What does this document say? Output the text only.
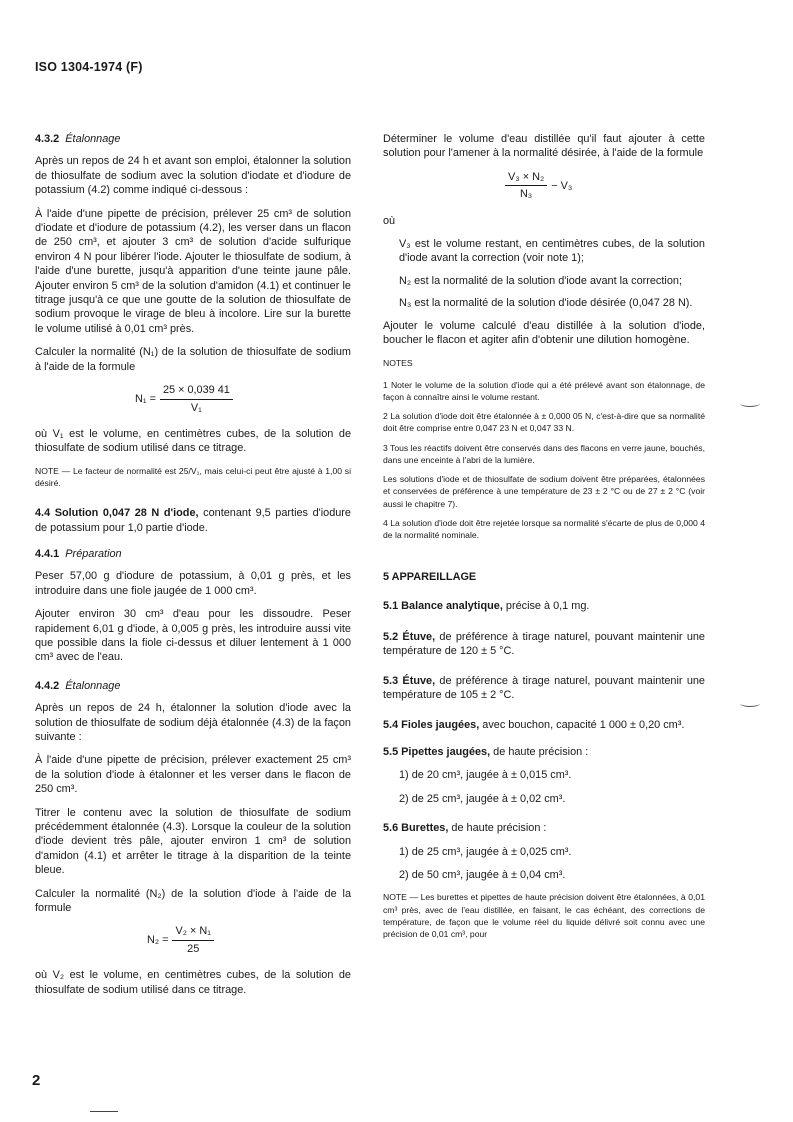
ISO 1304-1974 (F)
4.3.2 Étalonnage

Après un repos de 24 h et avant son emploi, étalonner la solution de thiosulfate de sodium avec la solution d'iodate et d'iodure de potassium (4.2) comme indiqué ci-dessous :

À l'aide d'une pipette de précision, prélever 25 cm³ de solution d'iodate et d'iodure de potassium (4.2), les verser dans un flacon de 250 cm³, et ajouter 3 cm³ de solution d'acide sulfurique environ 4 N pour libérer l'iode. Ajouter le thiosulfate de sodium, à l'aide d'une burette, jusqu'à apparition d'une teinte jaune pâle. Ajouter environ 5 cm³ de la solution d'amidon (4.1) et continuer le titrage jusqu'à ce que une goutte de la solution de thiosulfate de sodium provoque le virage de bleu à incolore. Lire sur la burette le volume utilisé à 0,01 cm³ près.

Calculer la normalité (N₁) de la solution de thiosulfate de sodium à l'aide de la formule

$N_1 = \frac{25 \times 0,039 41}{\text{V₁}}$

où V₁ est le volume, en centimètres cubes, de la solution de thiosulfate de sodium utilisé dans ce titrage.

NOTE — Le facteur de normalité est 25/V₁, mais celui-ci peut être ajusté à 1,00 si désiré.

4.4 Solution 0,047 28 N d'iode, contenant 9,5 parties d'iodure de potassium pour 1,0 partie d'iode.

4.4.1 Préparation

Peser 57,00 g d'iodure de potassium, à 0,01 g près, et les introduire dans une fiole jaugée de 1 000 cm³.

Ajouter environ 30 cm³ d'eau pour les dissoudre. Peser rapidement 6,01 g d'iode, à 0,005 g près, les introduire aussi vite que possible dans la fiole ci-dessus et diluer lentement à 1 000 cm³ avec de l'eau.

4.4.2 Étalonnage

Après un repos de 24 h, étalonner la solution d'iode avec la solution de thiosulfate de sodium déjà étalonnée (4.3) de la façon suivante :

À l'aide d'une pipette de précision, prélever exactement 25 cm³ de la solution d'iode à étalonner et les verser dans le flacon de 250 cm³.

Titrer le contenu avec la solution de thiosulfate de sodium précédemment étalonnée (4.3). Lorsque la couleur de la solution d'iode devient très pâle, ajouter environ 1 cm³ de solution d'amidon (4.1) et arrêter le titrage à la disparition de la teinte bleue.

Calculer la normalité (N₂) de la solution d'iode à l'aide de la formule

$N_2 = \frac{\text{V₂ × N₁}}{25}$

où V₂ est le volume, en centimètres cubes, de la solution de thiosulfate de sodium utilisé dans ce titrage.

Déterminer le volume d'eau distillée qu'il faut ajouter à cette solution pour l'amener à la normalité désirée, à l'aide de la formule

$\frac{\text{V₃ × N₂}}{\text{N₃}} - V_3$

où

V₃ est le volume restant, en centimètres cubes, de la solution d'iode avant la correction (voir note 1);

N₂ est la normalité de la solution d'iode avant la correction;

N₃ est la normalité de la solution d'iode désirée (0,047 28 N).

Ajouter le volume calculé d'eau distillée à la solution d'iode, boucher le flacon et agiter afin d'obtenir une dilution homogène.

NOTES

1 Noter le volume de la solution d'iode qui a été prélevé avant son étalonnage, de façon à connaître ainsi le volume restant.

2 La solution d'iode doit être étalonnée à ± 0,000 05 N, c'est-à-dire que sa normalité doit être comprise entre 0,047 23 N et 0,047 33 N.

3 Tous les réactifs doivent être conservés dans des flacons en verre jaune, bouchés, dans une enceinte à l'abri de la lumière.

Les solutions d'iode et de thiosulfate de sodium doivent être préparées, étalonnées et conservées de préférence à une température de 23 ± 2 °C ou de 27 ± 2 °C (voir aussi le chapitre 7).

4 La solution d'iode doit être rejetée lorsque sa normalité s'écarte de plus de 0,000 4 de la normalité nominale.

5 APPAREILLAGE

5.1 Balance analytique, précise à 0,1 mg.

5.2 Étuve, de préférence à tirage naturel, pouvant maintenir une température de 120 ± 5 °C.

5.3 Étuve, de préférence à tirage naturel, pouvant maintenir une température de 105 ± 2 °C.

5.4 Fioles jaugées, avec bouchon, capacité 1 000 ± 0,20 cm³.

5.5 Pipettes jaugées, de haute précision :

1) de 20 cm³, jaugée à ± 0,015 cm³.
2) de 25 cm³, jaugée à ± 0,02 cm³.

5.6 Burettes, de haute précision :

1) de 25 cm³, jaugée à ± 0,025 cm³.
2) de 50 cm³, jaugée à ± 0,04 cm³.

NOTE — Les burettes et pipettes de haute précision doivent être étalonnées, à 0,01 cm³ près, avec de l'eau distillée, en faisant, le cas échéant, des corrections de température, de façon que le volume réel du liquide délivré soit connu avec une précision de 0,01 cm³, pour

2
